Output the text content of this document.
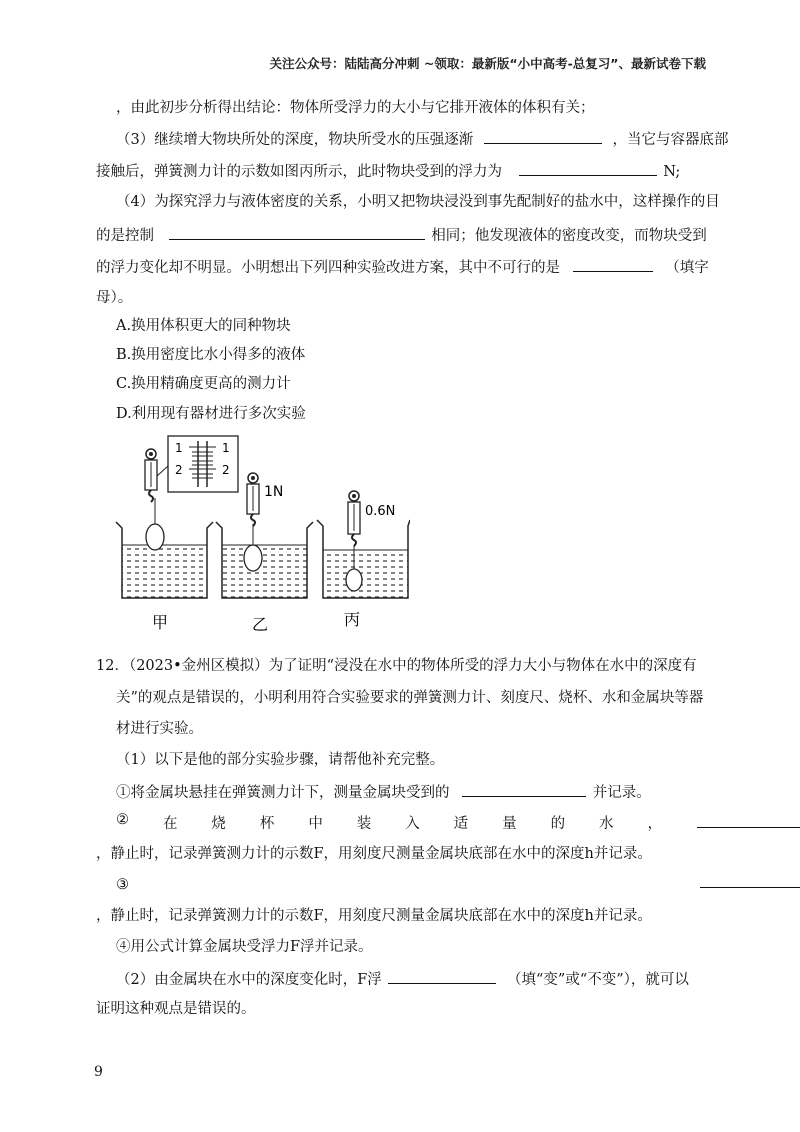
关注公众号：陆陆高分冲刺 ~领取：最新版“小中高考-总复习”、最新试卷下载
，由此初步分析得出结论：物体所受浮力的大小与它排开液体的体积有关；
（3）继续增大物块所处的深度，物块所受水的压强逐渐	，当它与容器底部
接触后，弹簧测力计的示数如图丙所示，此时物块受到的浮力为	N;
（4）为探究浮力与液体密度的关系，小明又把物块浸没到事先配制好的盐水中，这样操作的目
的是控制	相同；他发现液体的密度改变，而物块受到
的浮力变化却不明显。小明想出下列四种实验改进方案，其中不可行的是	（填字
母）。
A.换用体积更大的同种物块
B.换用密度比水小得多的液体
C.换用精确度更高的测力计
D.利用现有器材进行多次实验
1
2
1
2
1N
0.6N
甲	乙	丙
12．（2023•金州区模拟）为了证明“浸没在水中的物体所受的浮力大小与物体在水中的深度有
关”的观点是错误的，小明利用符合实验要求的弹簧测力计、刻度尺、烧杯、水和金属块等器
材进行实验。
（1）以下是他的部分实验步骤，请帮他补充完整。
①将金属块悬挂在弹簧测力计下，测量金属块受到的	并记录。
② 在 烧 杯 中 装 入 适 量 的 水 ，
，静止时，记录弹簧测力计的示数F，用刻度尺测量金属块底部在水中的深度h并记录。
③
，静止时，记录弹簧测力计的示数F，用刻度尺测量金属块底部在水中的深度h并记录。
④用公式计算金属块受浮力F浮并记录。
（2）由金属块在水中的深度变化时，F浮	（填“变”或“不变”），就可以
证明这种观点是错误的。
9
